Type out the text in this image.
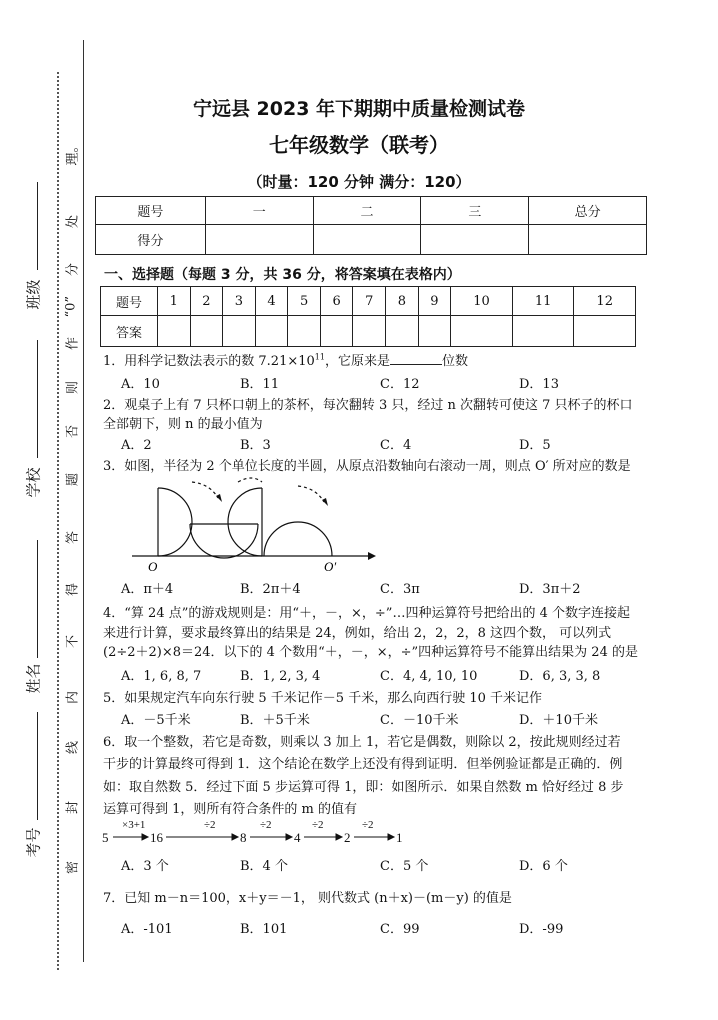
班级
学校
姓名
考号
理。
处
分
“0”
作
则
否
题
答
得
不
内
线
封
密
宁远县 2023 年下期期中质量检测试卷
七年级数学（联考）
（时量：120 分钟 满分：120）
题号	一	二	三	总分
得分				
一、选择题（每题 3 分，共 36 分，将答案填在表格内）
题号	1	2	3	4	5	6	7	8	9	10	11	12
答案												
1．用科学记数法表示的数 $7.21\times 10^{11}$，它原来是	位数
A．10	B．11	C．12	D．13
2．观桌子上有 7 只杯口朝上的茶杯，每次翻转 3 只，经过 n 次翻转可使这 7 只杯子的杯口
全部朝下，则 n 的最小值为
A．2	B．3	C．4	D．5
3．如图，半径为 2 个单位长度的半圆，从原点沿数轴向右滚动一周，则点 O′ 所对应的数是
O	O′
A．π＋4	B．2π＋4	C．3π	D．3π＋2
4．“算 24 点”的游戏规则是：用“＋，－，×，÷”…四种运算符号把给出的 4 个数字连接起
来进行计算，要求最终算出的结果是 24，例如，给出 2，2，2，8 这四个数， 可以列式
(2÷2＋2)×8＝24．以下的 4 个数用“＋，－，×，÷”四种运算符号不能算出结果为 24 的是
A．1, 6, 8, 7	B．1, 2, 3, 4	C．4, 4, 10, 10	D．6, 3, 3, 8
5．如果规定汽车向东行驶 5 千米记作－5 千米，那么向西行驶 10 千米记作
A．－5千米	B．＋5千米	C．－10千米	D．＋10千米
6．取一个整数，若它是奇数，则乘以 3 加上 1，若它是偶数，则除以 2，按此规则经过若
干步的计算最终可得到 1．这个结论在数学上还没有得到证明．但举例验证都是正确的．例
如：取自然数 5．经过下面 5 步运算可得 1，即：如图所示．如果自然数 m 恰好经过 8 步
运算可得到 1，则所有符合条件的 m 的值有
5	16	8	4	2	1
×3+1	÷2	÷2	÷2	÷2
A．3 个	B．4 个	C．5 个	D．6 个
7．已知 m－n＝100，x＋y＝－1， 则代数式 (n＋x)－(m－y) 的值是
A．-101	B．101	C．99	D．-99
